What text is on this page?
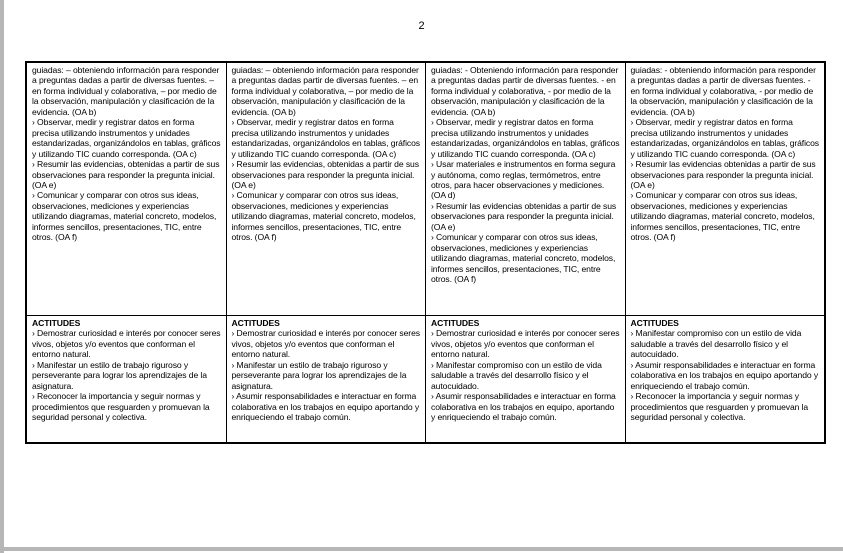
2

guiadas: – obteniendo información para responder a preguntas dadas a partir de diversas fuentes. – en forma individual y colaborativa, – por medio de la observación, manipulación y clasificación de la evidencia. (OA b)

› Observar, medir y registrar datos en forma precisa utilizando instrumentos y unidades estandarizadas, organizándolos en tablas, gráficos y utilizando TIC cuando corresponda. (OA c)

› Resumir las evidencias, obtenidas a partir de sus observaciones para responder la pregunta inicial. (OA e)

› Comunicar y comparar con otros sus ideas, observaciones, mediciones y experiencias utilizando diagramas, material concreto, modelos, informes sencillos, presentaciones, TIC, entre otros. (OA f)

guiadas: – obteniendo información para responder a preguntas dadas partir de diversas fuentes. – en forma individual y colaborativa, – por medio de la observación, manipulación y clasificación de la evidencia. (OA b)

› Observar, medir y registrar datos en forma precisa utilizando instrumentos y unidades estandarizadas, organizándolos en tablas, gráficos y utilizando TIC cuando corresponda. (OA c)

› Resumir las evidencias, obtenidas a partir de sus observaciones para responder la pregunta inicial. (OA e)

› Comunicar y comparar con otros sus ideas, observaciones, mediciones y experiencias utilizando diagramas, material concreto, modelos, informes sencillos, presentaciones, TIC, entre otros. (OA f)

guiadas: - Obteniendo información para responder a preguntas dadas partir de diversas fuentes. - en forma individual y colaborativa, - por medio de la observación, manipulación y clasificación de la evidencia. (OA b)

› Observar, medir y registrar datos en forma precisa utilizando instrumentos y unidades estandarizadas, organizándolos en tablas, gráficos y utilizando TIC cuando corresponda. (OA c)

› Usar materiales e instrumentos en forma segura y autónoma, como reglas, termómetros, entre otros, para hacer observaciones y mediciones. (OA d)

› Resumir las evidencias obtenidas a partir de sus observaciones para responder la pregunta inicial. (OA e)

› Comunicar y comparar con otros sus ideas, observaciones, mediciones y experiencias utilizando diagramas, material concreto, modelos, informes sencillos, presentaciones, TIC, entre otros. (OA f)

guiadas: - obteniendo información para responder a preguntas dadas a partir de diversas fuentes. - en forma individual y colaborativa, - por medio de la observación, manipulación y clasificación de la evidencia. (OA b)

› Observar, medir y registrar datos en forma precisa utilizando instrumentos y unidades estandarizadas, organizándolos en tablas, gráficos y utilizando TIC cuando corresponda. (OA c)

› Resumir las evidencias obtenidas a partir de sus observaciones para responder la pregunta inicial. (OA e)

› Comunicar y comparar con otros sus ideas, observaciones, mediciones y experiencias utilizando diagramas, material concreto, modelos, informes sencillos, presentaciones, TIC, entre otros. (OA f)

ACTITUDES

› Demostrar curiosidad e interés por conocer seres vivos, objetos y/o eventos que conforman el entorno natural.

› Manifestar un estilo de trabajo riguroso y perseverante para lograr los aprendizajes de la asignatura.

› Reconocer la importancia y seguir normas y procedimientos que resguarden y promuevan la seguridad personal y colectiva.

ACTITUDES

› Demostrar curiosidad e interés por conocer seres vivos, objetos y/o eventos que conforman el entorno natural.

› Manifestar un estilo de trabajo riguroso y perseverante para lograr los aprendizajes de la asignatura.

› Asumir responsabilidades e interactuar en forma colaborativa en los trabajos en equipo aportando y enriqueciendo el trabajo común.

ACTITUDES

› Demostrar curiosidad e interés por conocer seres vivos, objetos y/o eventos que conforman el entorno natural.

› Manifestar compromiso con un estilo de vida saludable a través del desarrollo físico y el autocuidado.

› Asumir responsabilidades e interactuar en forma colaborativa en los trabajos en equipo, aportando y enriqueciendo el trabajo común.

ACTITUDES

› Manifestar compromiso con un estilo de vida saludable a través del desarrollo físico y el autocuidado.

› Asumir responsabilidades e interactuar en forma colaborativa en los trabajos en equipo aportando y enriqueciendo el trabajo común.

› Reconocer la importancia y seguir normas y procedimientos que resguarden y promuevan la seguridad personal y colectiva.
